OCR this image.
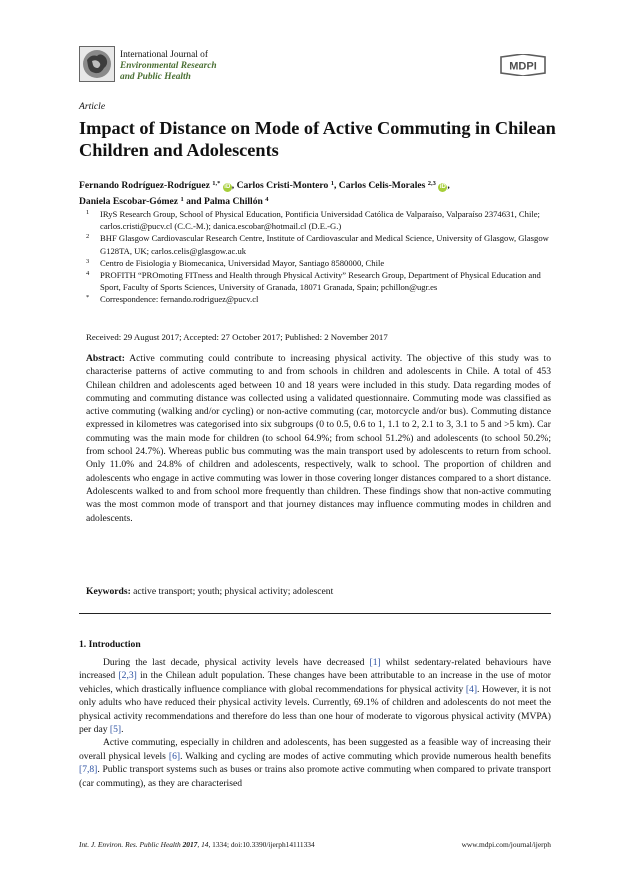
International Journal of
Environmental Research
and Public Health
MDPI
Article
Impact of Distance on Mode of Active Commuting in Chilean Children and Adolescents
Fernando Rodríguez-Rodríguez $^{1,*}$ iD , Carlos Cristi-Montero $^1$, Carlos Celis-Morales $^{2,3}$ iD ,
Daniela Escobar-Gómez $^1$ and Palma Chillón $^4$
1 IRyS Research Group, School of Physical Education, Pontificia Universidad Católica de Valparaíso, Valparaíso 2374631, Chile; carlos.cristi@pucv.cl (C.C.-M.); danica.escobar@hotmail.cl (D.E.-G.)
2 BHF Glasgow Cardiovascular Research Centre, Institute of Cardiovascular and Medical Science, University of Glasgow, Glasgow G128TA, UK; carlos.celis@glasgow.ac.uk
3 Centro de Fisiologia y Biomecanica, Universidad Mayor, Santiago 8580000, Chile
4 PROFITH “PROmoting FITness and Health through Physical Activity” Research Group, Department of Physical Education and Sport, Faculty of Sports Sciences, University of Granada, 18071 Granada, Spain; pchillon@ugr.es
* Correspondence: fernando.rodriguez@pucv.cl
Received: 29 August 2017; Accepted: 27 October 2017; Published: 2 November 2017
Abstract: Active commuting could contribute to increasing physical activity. The objective of this study was to characterise patterns of active commuting to and from schools in children and adolescents in Chile. A total of 453 Chilean children and adolescents aged between 10 and 18 years were included in this study. Data regarding modes of commuting and commuting distance was collected using a validated questionnaire. Commuting mode was classified as active commuting (walking and/or cycling) or non-active commuting (car, motorcycle and/or bus). Commuting distance expressed in kilometres was categorised into six subgroups (0 to 0.5, 0.6 to 1, 1.1 to 2, 2.1 to 3, 3.1 to 5 and >5 km). Car commuting was the main mode for children (to school 64.9%; from school 51.2%) and adolescents (to school 50.2%; from school 24.7%). Whereas public bus commuting was the main transport used by adolescents to return from school. Only 11.0% and 24.8% of children and adolescents, respectively, walk to school. The proportion of children and adolescents who engage in active commuting was lower in those covering longer distances compared to a short distance. Adolescents walked to and from school more frequently than children. These findings show that non-active commuting was the most common mode of transport and that journey distances may influence commuting modes in children and adolescents.
Keywords: active transport; youth; physical activity; adolescent
1. Introduction

During the last decade, physical activity levels have decreased [1] whilst sedentary-related behaviours have increased [2,3] in the Chilean adult population. These changes have been attributable to an increase in the use of motor vehicles, which drastically influence compliance with global recommendations for physical activity [4]. However, it is not only adults who have reduced their physical activity levels. Currently, 69.1% of children and adolescents do not meet the physical activity recommendations and therefore do less than one hour of moderate to vigorous physical activity (MVPA) per day [5].

Active commuting, especially in children and adolescents, has been suggested as a feasible way of increasing their overall physical levels [6]. Walking and cycling are modes of active commuting which provide numerous health benefits [7,8]. Public transport systems such as buses or trains also promote active commuting when compared to private transport (car commuting), as they are characterised

Int. J. Environ. Res. Public Health 2017, 14, 1334; doi:10.3390/ijerph14111334	www.mdpi.com/journal/ijerph
